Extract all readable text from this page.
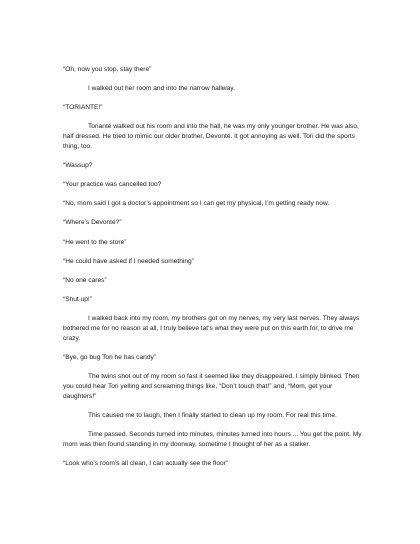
“Oh, now you stop, stay there”

I walked out her room and into the narrow hallway.

“TORIANTE!”

Torianté walked out his room and into the hall, he was my only younger brother. He was also, half dressed. He tried to mimic our older brother, Devonté. It got annoying as well. Tori did the sports thing, too.

“Wassup?

“Your practice was cancelled too?

“No, mom said I got a doctor’s appointment so I can get my physical, I’m getting ready now.

“Where’s Devonté?”

“He went to the store”

“He could have asked if I needed something”

“No one cares”

“Shut up!”

I walked back into my room, my brothers got on my nerves, my very last nerves. They always bothered me for no reason at all, I truly believe tat’s what they were put on this earth for, to drive me crazy.

“Bye, go bug Tori he has candy”

The twins shot out of my room so fast it seemed like they disappeared. I simply blinked. Then you could hear Tori yelling and screaming things like, “Don’t touch that!” and, “Mom, get your daughters!”

This caused me to laugh, then I finally started to clean up my room. For real this time.

Time passed. Seconds turned into minutes, minutes turned into hours ... You get the point. My mom was then found standing in my doorway, sometime I thought of her as a stalker.

“Look who’s room’s all clean, I can actually see the floor”
